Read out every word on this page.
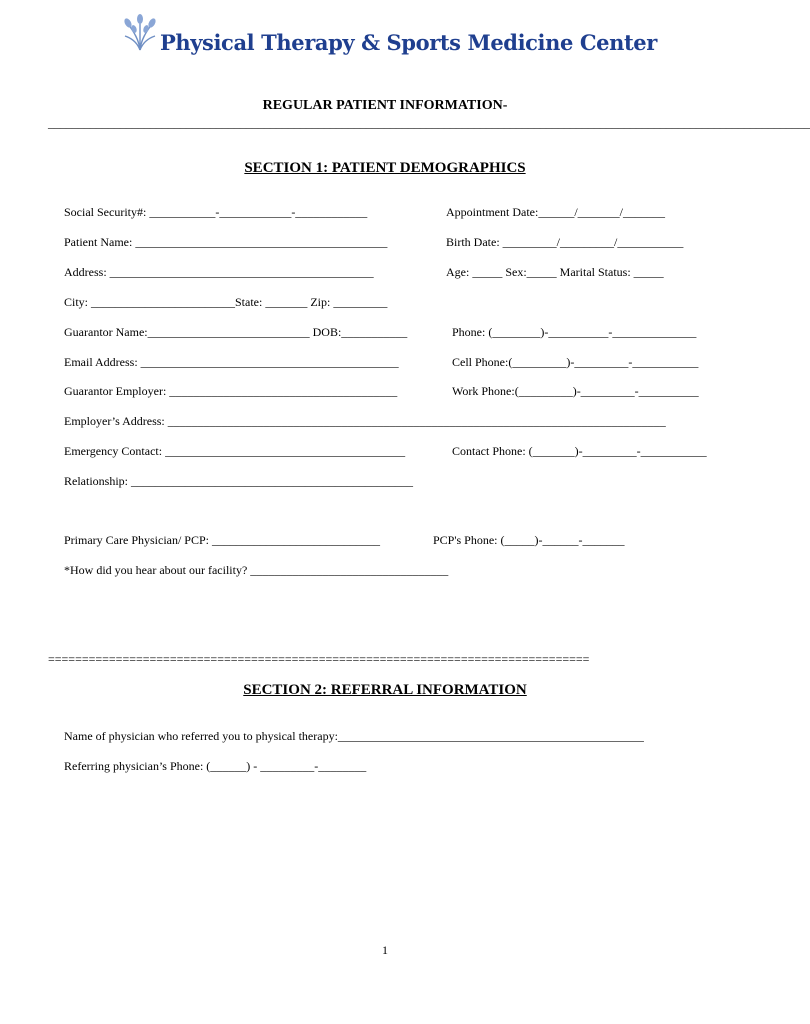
Physical Therapy & Sports Medicine Center
REGULAR PATIENT INFORMATION-
_______________________________________________________________________________________________________________________________
SECTION 1: PATIENT DEMOGRAPHICS
Social Security#: ___________-____________-____________	Appointment Date:______/_______/_______
Patient Name: __________________________________________	Birth Date: _________/_________/___________
Address: ____________________________________________	Age: _____ Sex:_____ Marital Status: _____
City: ________________________State: _______ Zip: _________
Guarantor Name:___________________________ DOB:___________	Phone: (________)-__________-______________
Email Address: ___________________________________________	Cell Phone:(_________)-_________-___________
Guarantor Employer: ______________________________________	Work Phone:(_________)-_________-__________
Employer’s Address: ___________________________________________________________________________________
Emergency Contact: ________________________________________	Contact Phone: (_______)-_________-___________
Relationship: _______________________________________________
Primary Care Physician/ PCP: ____________________________	PCP's Phone: (_____)-______-_______
*How did you hear about our facility? _________________________________
================================================================================
SECTION 2: REFERRAL INFORMATION
Name of physician who referred you to physical therapy:___________________________________________________
Referring physician’s Phone: (______) - _________-________
1
